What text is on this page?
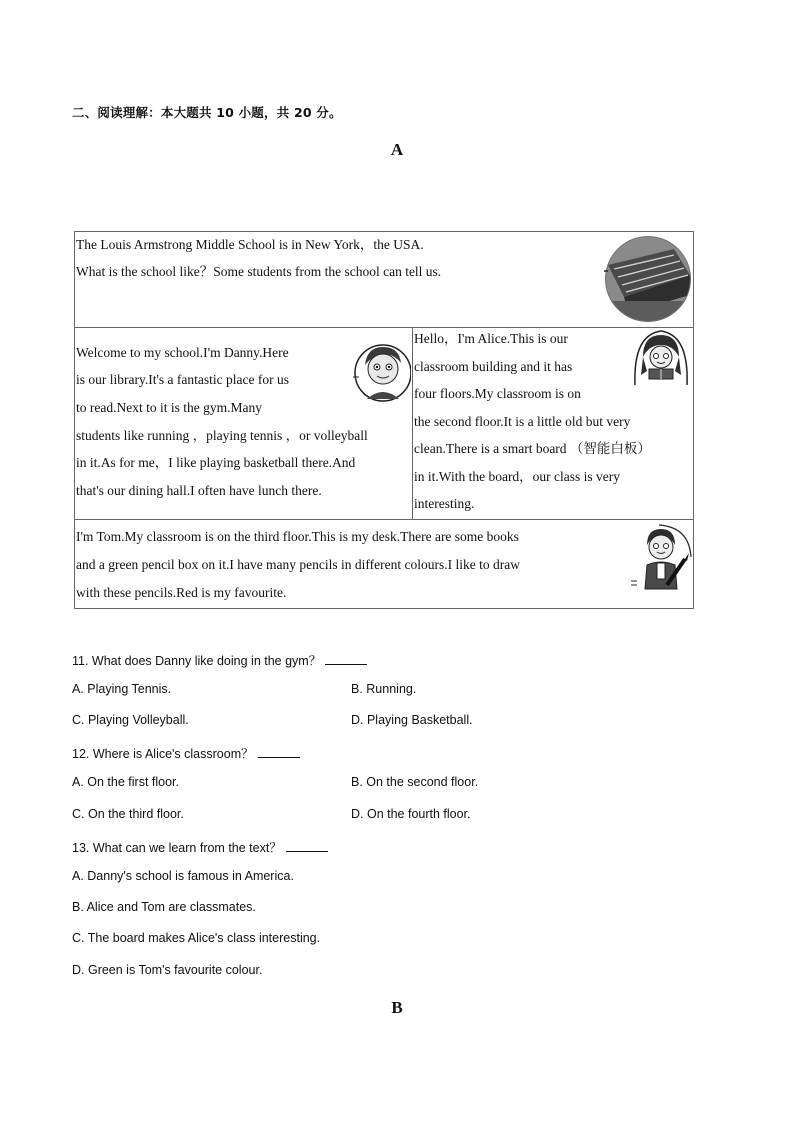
二、阅读理解：本大题共 10 小题，共 20 分。
A
The Louis Armstrong Middle School is in New York，the USA.
What is the school like？Some students from the school can tell us.
Welcome to my school.I'm Danny.Here
is our library.It's a fantastic place for us
to read.Next to it is the gym.Many
students like running ，playing tennis ，or volleyball
in it.As for me，I like playing basketball there.And
that's our dining hall.I often have lunch there.
Hello，I'm Alice.This is our
classroom building and it has
four floors.My classroom is on
the second floor.It is a little old but very
clean.There is a smart board （智能白板）
in it.With the board，our class is very
interesting.
I'm Tom.My classroom is on the third floor.This is my desk.There are some books
and a green pencil box on it.I have many pencils in different colours.I like to draw
with these pencils.Red is my favourite.
11. What does Danny like doing in the gym？
A. Playing Tennis.	B. Running.
C. Playing Volleyball.	D. Playing Basketball.
12. Where is Alice's classroom？
A. On the first floor.	B. On the second floor.
C. On the third floor.	D. On the fourth floor.
13. What can we learn from the text？
A. Danny's school is famous in America.
B. Alice and Tom are classmates.
C. The board makes Alice's class interesting.
D. Green is Tom's favourite colour.
B
